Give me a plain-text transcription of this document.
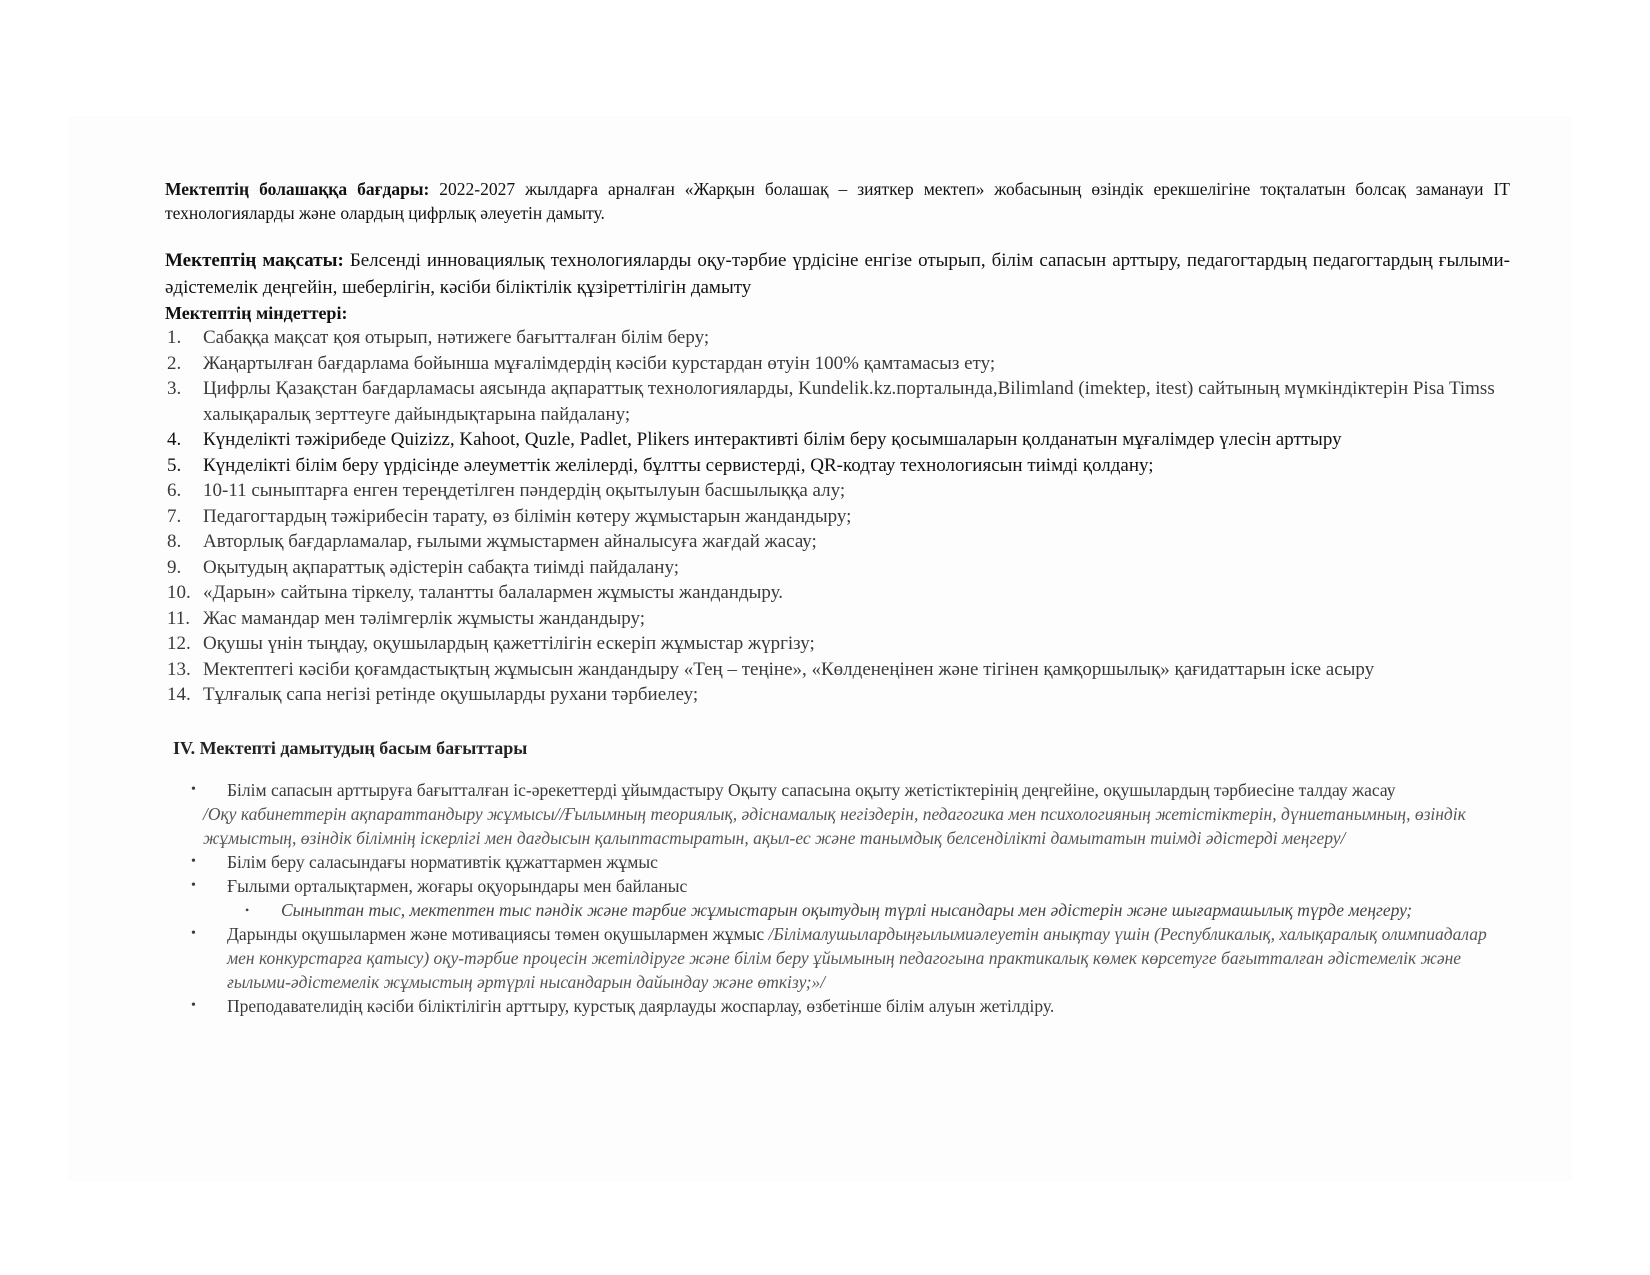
Мектептің болашаққа бағдары: 2022-2027 жылдарға арналған «Жарқын болашақ – зияткер мектеп» жобасының өзіндік ерекшелігіне тоқталатын болсақ заманауи IT технологияларды және олардың цифрлық әлеуетін дамыту.

Мектептің мақсаты: Белсенді инновациялық технологияларды оқу-тәрбие үрдісіне енгізе отырып, білім сапасын арттыру, педагогтардың педагогтардың ғылыми- әдістемелік деңгейін, шеберлігін, кәсіби біліктілік құзіреттілігін дамыту

Мектептің міндеттері:

1.	Сабаққа мақсат қоя отырып, нәтижеге бағытталған білім беру;
2.	Жаңартылған бағдарлама бойынша мұғалімдердің кәсіби курстардан өтуін 100% қамтамасыз ету;
3.	Цифрлы Қазақстан бағдарламасы аясында ақпараттық технологияларды, Kundelik.kz.порталында,Bilimland (imektep, itest) сайтының мүмкіндіктерін Pisa Timss халықаралық зерттеуге дайындықтарына пайдалану;
4.	Күнделікті тәжірибеде Quizizz, Kahoot, Quzle, Padlet, Plikers интерактивті білім беру қосымшаларын қолданатын мұғалімдер үлесін арттыру
5.	Күнделікті білім беру үрдісінде әлеуметтік желілерді, бұлтты сервистерді, QR-кодтау технологиясын тиімді қолдану;
6.	10-11 сыныптарға енген тереңдетілген пәндердің оқытылуын басшылыққа алу;
7.	Педагогтардың тәжірибесін тарату, өз білімін көтеру жұмыстарын жандандыру;
8.	Авторлық бағдарламалар, ғылыми жұмыстармен айналысуға жағдай жасау;
9.	Оқытудың ақпараттық әдістерін сабақта тиімді пайдалану;
10. «Дарын» сайтына тіркелу, талантты балалармен жұмысты жандандыру.
11. Жас мамандар мен тәлімгерлік жұмысты жандандыру;
12. Оқушы үнін тыңдау, оқушылардың қажеттілігін ескеріп жұмыстар жүргізу;
13. Мектептегі кәсіби қоғамдастықтың жұмысын жандандыру «Тең – теңіне», «Көлденеңінен және тігінен қамқоршылық» қағидаттарын іске асыру
14. Тұлғалық сапа негізі ретінде оқушыларды рухани тәрбиелеу;

IV. Мектепті дамытудың басым бағыттары

• Білім сапасын арттыруға бағытталған іс-әрекеттерді ұйымдастыру Оқыту сапасына оқыту жетістіктерінің деңгейіне, оқушылардың тәрбиесіне талдау жасау
/Оқу кабинеттерін ақпараттандыру жұмысы//Ғылымның теориялық, әдіснамалық негіздерін, педагогика мен психологияның жетістіктерін, дүниетанымның, өзіндік жұмыстың, өзіндік білімнің іскерлігі мен дағдысын қалыптастыратын, ақыл-ес және танымдық белсенділікті дамытатын тиімді әдістерді меңгеру/
• Білім беру саласындағы нормативтік құжаттармен жұмыс
• Ғылыми орталықтармен, жоғары оқуорындары мен байланыс
• Сыныптан тыс, мектептен тыс пәндік және тәрбие жұмыстарын оқытудың түрлі нысандары мен әдістерін және шығармашылық түрде меңгеру;
• Дарынды оқушылармен және мотивациясы төмен оқушылармен жұмыс /Білімалушылардыңғылымиәлеуетін анықтау үшін (Республикалық, халықаралық олимпиадалар мен конкурстарға қатысу) оқу-тәрбие процесін жетілдіруге және білім беру ұйымының педагогына практикалық көмек көрсетуге бағытталған әдістемелік және ғылыми-әдістемелік жұмыстың әртүрлі нысандарын дайындау және өткізу;»/
• Преподавателидің кәсіби біліктілігін арттыру, курстық даярлауды жоспарлау, өзбетінше білім алуын жетілдіру.
